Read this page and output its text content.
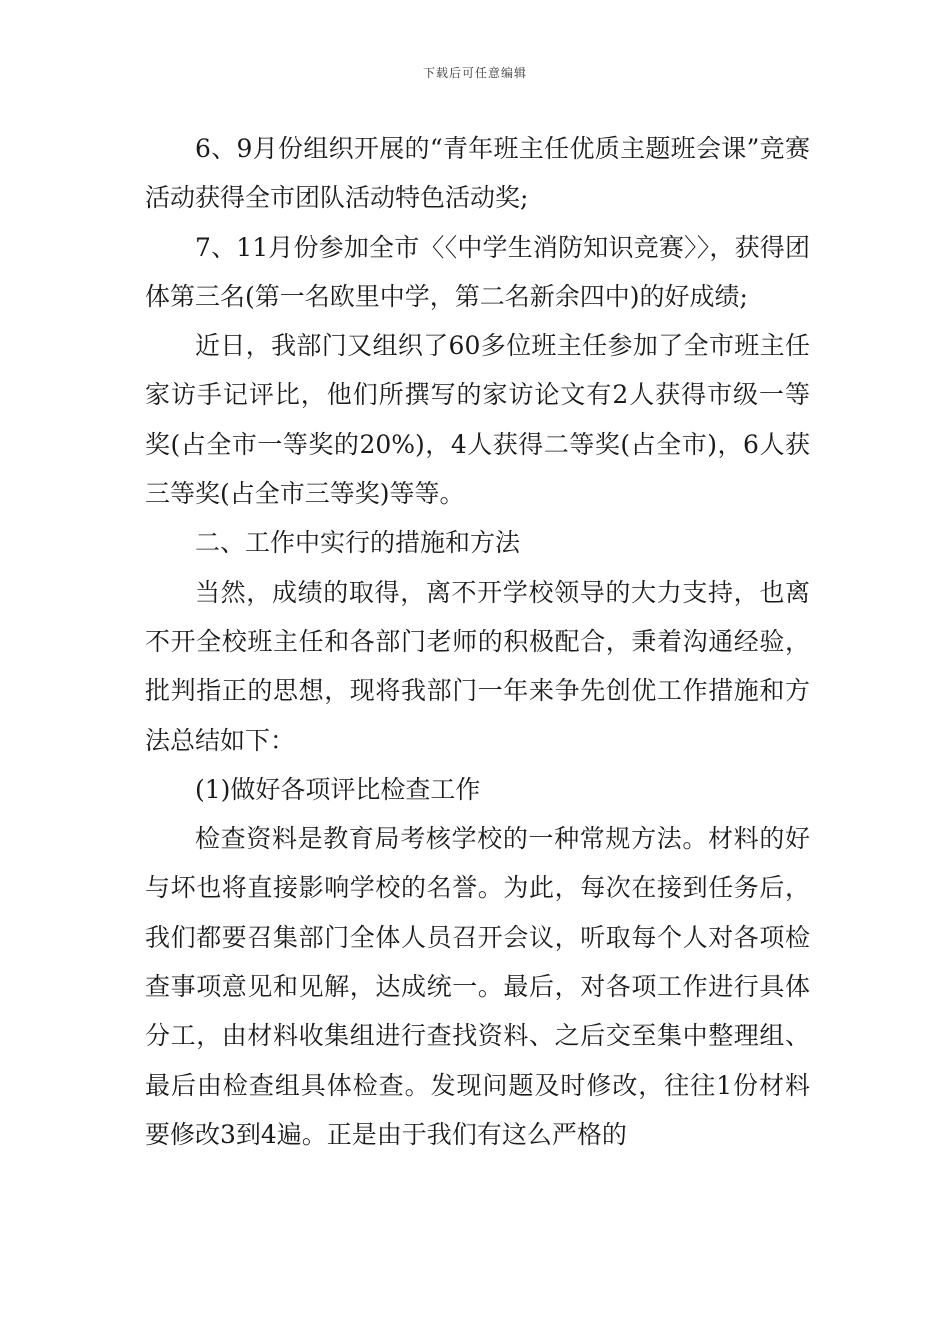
下载后可任意编辑

6、9月份组织开展的“青年班主任优质主题班会课”竞赛活动获得全市团队活动特色活动奖;

7、11月份参加全市〈〈中学生消防知识竞赛〉〉，获得团体第三名(第一名欧里中学，第二名新余四中)的好成绩;

近日，我部门又组织了60多位班主任参加了全市班主任家访手记评比，他们所撰写的家访论文有2人获得市级一等奖(占全市一等奖的20%)，4人获得二等奖(占全市)，6人获三等奖(占全市三等奖)等等。

二、工作中实行的措施和方法

当然，成绩的取得，离不开学校领导的大力支持，也离不开全校班主任和各部门老师的积极配合，秉着沟通经验，批判指正的思想，现将我部门一年来争先创优工作措施和方法总结如下：

(1)做好各项评比检查工作

检查资料是教育局考核学校的一种常规方法。材料的好与坏也将直接影响学校的名誉。为此，每次在接到任务后，我们都要召集部门全体人员召开会议，听取每个人对各项检查事项意见和见解，达成统一。最后，对各项工作进行具体分工，由材料收集组进行查找资料、之后交至集中整理组、最后由检查组具体检查。发现问题及时修改，往往1份材料要修改3到4遍。正是由于我们有这么严格的
